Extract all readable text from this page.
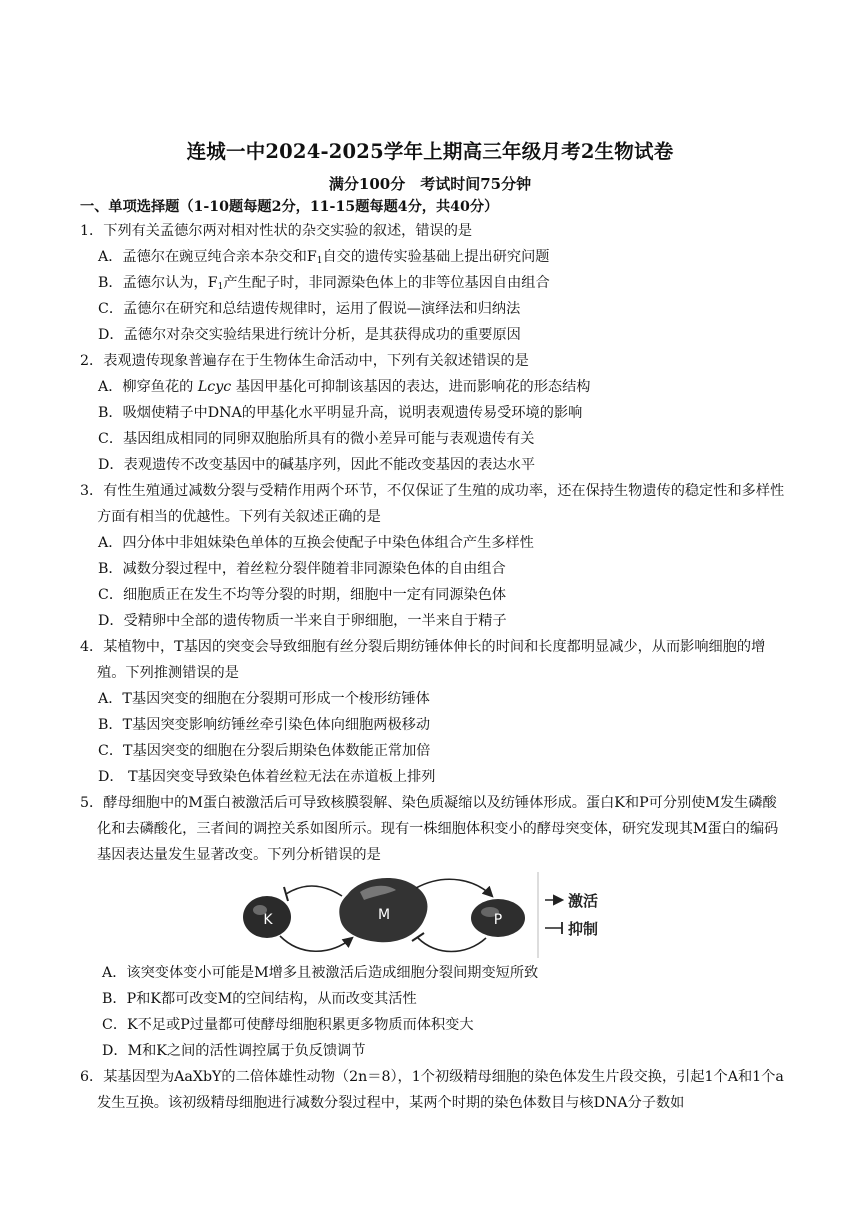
连城一中2024-2025学年上期高三年级月考2生物试卷
满分100分　考试时间75分钟
一、单项选择题（1-10题每题2分，11-15题每题4分，共40分）
1．下列有关孟德尔两对相对性状的杂交实验的叙述，错误的是
A．孟德尔在豌豆纯合亲本杂交和$F_1$自交的遗传实验基础上提出研究问题
B．孟德尔认为，$F_1$产生配子时，非同源染色体上的非等位基因自由组合
C．孟德尔在研究和总结遗传规律时，运用了假说—演绎法和归纳法
D．孟德尔对杂交实验结果进行统计分析，是其获得成功的重要原因
2．表观遗传现象普遍存在于生物体生命活动中，下列有关叙述错误的是
A．柳穿鱼花的 Lcyc 基因甲基化可抑制该基因的表达，进而影响花的形态结构
B．吸烟使精子中DNA的甲基化水平明显升高，说明表观遗传易受环境的影响
C．基因组成相同的同卵双胞胎所具有的微小差异可能与表观遗传有关
D．表观遗传不改变基因中的碱基序列，因此不能改变基因的表达水平
3．有性生殖通过减数分裂与受精作用两个环节，不仅保证了生殖的成功率，还在保持生物遗传的稳定性和多样性方面有相当的优越性。下列有关叙述正确的是
A．四分体中非姐妹染色单体的互换会使配子中染色体组合产生多样性
B．减数分裂过程中，着丝粒分裂伴随着非同源染色体的自由组合
C．细胞质正在发生不均等分裂的时期，细胞中一定有同源染色体
D．受精卵中全部的遗传物质一半来自于卵细胞，一半来自于精子
4．某植物中，T基因的突变会导致细胞有丝分裂后期纺锤体伸长的时间和长度都明显减少，从而影响细胞的增殖。下列推测错误的是
A．T基因突变的细胞在分裂期可形成一个梭形纺锤体
B．T基因突变影响纺锤丝牵引染色体向细胞两极移动
C．T基因突变的细胞在分裂后期染色体数能正常加倍
D． T基因突变导致染色体着丝粒无法在赤道板上排列
5．酵母细胞中的M蛋白被激活后可导致核膜裂解、染色质凝缩以及纺锤体形成。蛋白K和P可分别使M发生磷酸化和去磷酸化，三者间的调控关系如图所示。现有一株细胞体积变小的酵母突变体，研究发现其M蛋白的编码基因表达量发生显著改变。下列分析错误的是
K	M	P
激活
抑制
A．该突变体变小可能是M增多且被激活后造成细胞分裂间期变短所致
B．P和K都可改变M的空间结构，从而改变其活性
C．K不足或P过量都可使酵母细胞积累更多物质而体积变大
D．M和K之间的活性调控属于负反馈调节
6．某基因型为AaXbY的二倍体雄性动物（2n＝8），1个初级精母细胞的染色体发生片段交换，引起1个A和1个a发生互换。该初级精母细胞进行减数分裂过程中，某两个时期的染色体数目与核DNA分子数如
